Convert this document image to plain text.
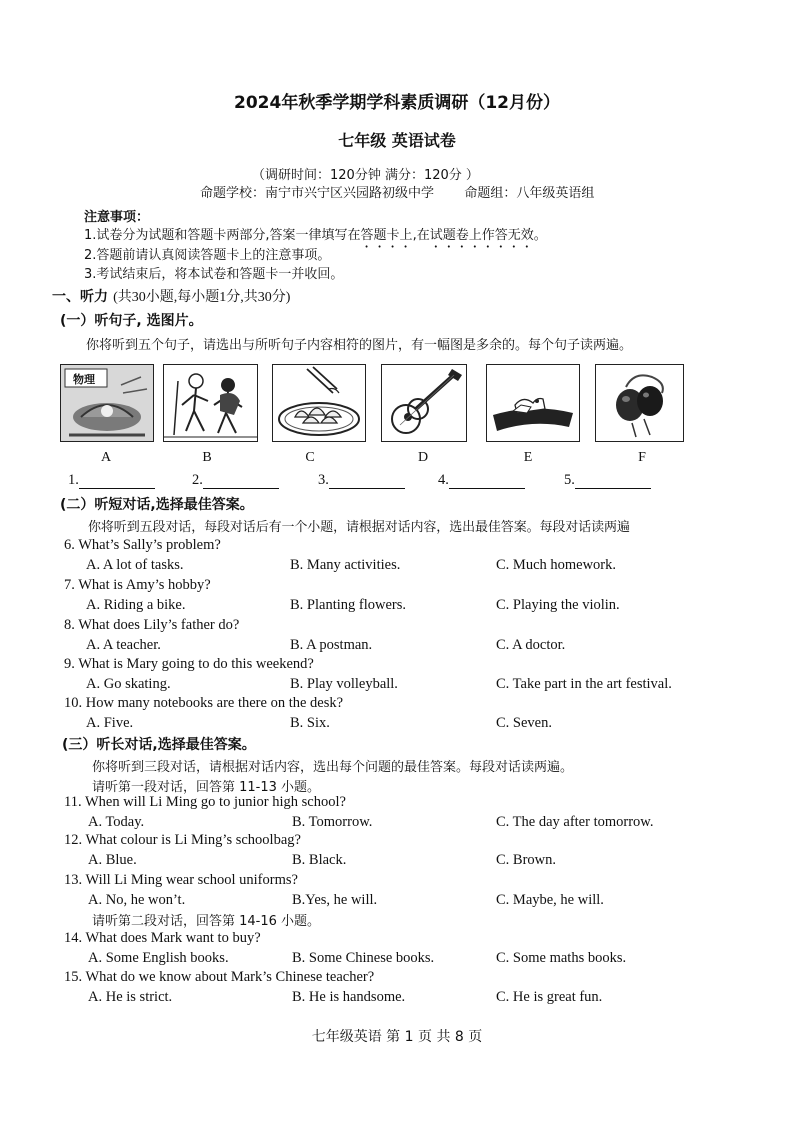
2024年秋季学期学科素质调研（12月份）
七年级 英语试卷
（调研时间：120分钟 满分：120分 ）
命题学校：南宁市兴宁区兴园路初级中学 命题组：八年级英语组
注意事项：
1.试卷分为试题和答题卡两部分,答案一律填写在答题卡上,在试题卷上作答无效。
2.答题前请认真阅读答题卡上的注意事项。
3.考试结束后，将本试卷和答题卡一并收回。
一、听力 (共30小题,每小题1分,共30分)
(一）听句子, 选图片。
你将听到五个句子，请选出与所听句子内容相符的图片，有一幅图是多余的。每个句子读两遍。
物理
A	B	C	D	E	F
1.	2.	3.	4.	5.
(二）听短对话,选择最佳答案。
你将听到五段对话，每段对话后有一个小题，请根据对话内容，选出最佳答案。每段对话读两遍
6. What’s Sally’s problem?
A. A lot of tasks.	B. Many activities.	C. Much homework.
7. What is Amy’s hobby?
A. Riding a bike.	B. Planting flowers.	C. Playing the violin.
8. What does Lily’s father do?
A. A teacher.	B. A postman.	C. A doctor.
9. What is Mary going to do this weekend?
A. Go skating.	B. Play volleyball.	C. Take part in the art festival.
10. How many notebooks are there on the desk?
A. Five.	B. Six.	C. Seven.
(三）听长对话,选择最佳答案。
你将听到三段对话，请根据对话内容，选出每个问题的最佳答案。每段对话读两遍。
请听第一段对话，回答第 11-13 小题。
请听第二段对话，回答第 14-16 小题。
11. When will Li Ming go to junior high school?
A. Today.	B. Tomorrow.	C. The day after tomorrow.
12. What colour is Li Ming’s schoolbag?
A. Blue.	B. Black.	C. Brown.
13. Will Li Ming wear school uniforms?
A. No, he won’t.	B.Yes, he will.	C. Maybe, he will.
14. What does Mark want to buy?
A. Some English books.	B. Some Chinese books.	C. Some maths books.
15. What do we know about Mark’s Chinese teacher?
A. He is strict.	B. He is handsome.	C. He is great fun.
七年级英语 第 1 页 共 8 页
